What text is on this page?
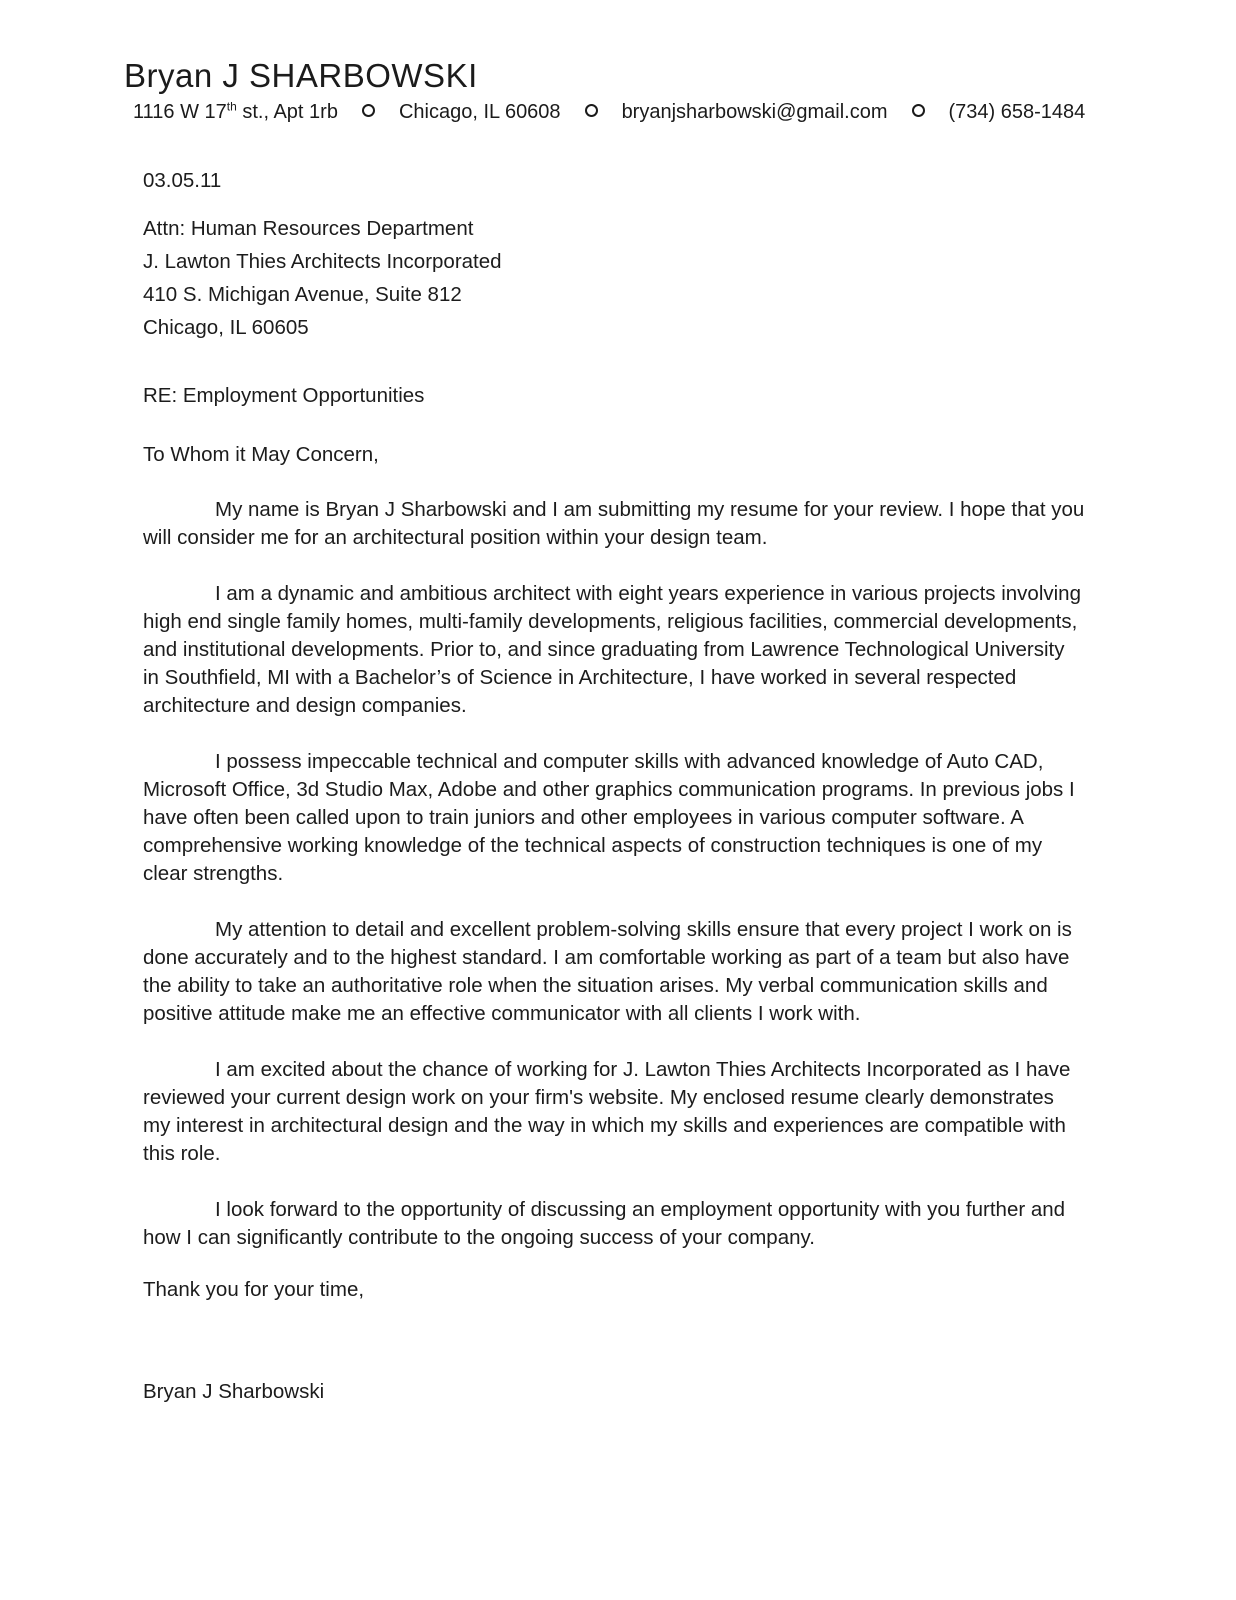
Bryan J SHARBOWSKI
1116 W 17th st., Apt 1rb	Chicago, IL 60608	bryanjsharbowski@gmail.com	(734) 658-1484
03.05.11
Attn: Human Resources Department
J. Lawton Thies Architects Incorporated
410 S. Michigan Avenue, Suite 812
Chicago, IL 60605
RE: Employment Opportunities
To Whom it May Concern,

My name is Bryan J Sharbowski and I am submitting my resume for your review. I hope that you will consider me for an architectural position within your design team.

I am a dynamic and ambitious architect with eight years experience in various projects involving high end single family homes, multi-family developments, religious facilities, commercial developments, and institutional developments. Prior to, and since graduating from Lawrence Technological University in Southfield, MI with a Bachelor’s of Science in Architecture, I have worked in several respected architecture and design companies.

I possess impeccable technical and computer skills with advanced knowledge of Auto CAD, Microsoft Office, 3d Studio Max, Adobe and other graphics communication programs. In previous jobs I have often been called upon to train juniors and other employees in various computer software. A comprehensive working knowledge of the technical aspects of construction techniques is one of my clear strengths.

My attention to detail and excellent problem-solving skills ensure that every project I work on is done accurately and to the highest standard. I am comfortable working as part of a team but also have the ability to take an authoritative role when the situation arises. My verbal communication skills and positive attitude make me an effective communicator with all clients I work with.

I am excited about the chance of working for J. Lawton Thies Architects Incorporated as I have reviewed your current design work on your firm's website. My enclosed resume clearly demonstrates my interest in architectural design and the way in which my skills and experiences are compatible with this role.

I look forward to the opportunity of discussing an employment opportunity with you further and how I can significantly contribute to the ongoing success of your company.

Thank you for your time,
Bryan J Sharbowski
